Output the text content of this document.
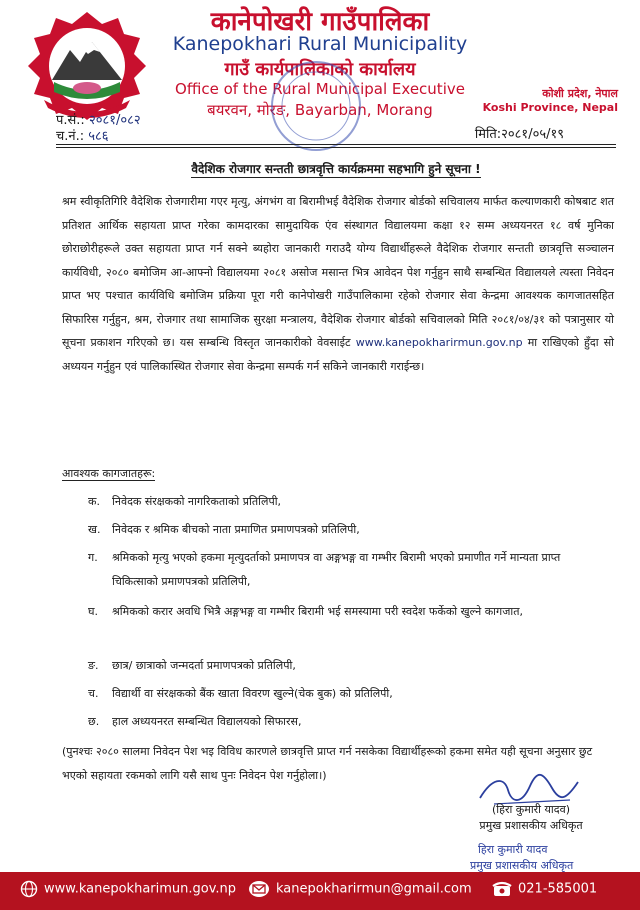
कानेपोखरी गाउँपालिका
Kanepokhari Rural Municipality
गाउँ कार्यपालिकाको कार्यालय
Office of the Rural Municipal Executive
बयरवन, मोरङ, Bayarban, Morang
कोशी प्रदेश, नेपाल
Koshi Province, Nepal
प.सं.: २०८१/०८२
च.नं.: ५८६	मिति:२०८१/०५/१९
वैदेशिक रोजगार सन्तती छात्रवृत्ति कार्यक्रममा सहभागि हुने सूचना !
श्रम स्वीकृतिगिरि वैदेशिक रोजगारीमा गएर मृत्यु, अंगभंग वा बिरामीभई वैदेशिक रोजगार बोर्डको सचिवालय मार्फत कल्याणकारी कोषबाट शत प्रतिशत आर्थिक सहायता प्राप्त गरेका कामदारका सामुदायिक एंव संस्थागत विद्यालयमा कक्षा १२ सम्म अध्ययनरत १८ वर्ष मुनिका छोराछोरीहरूले उक्त सहायता प्राप्त गर्न सक्ने ब्यहोरा जानकारी गराउदै योग्य विद्यार्थीहरूले वैदेशिक रोजगार सन्तती छात्रवृत्ति सञ्चालन कार्यविधी, २०८० बमोजिम आ-आफ्नो विद्यालयमा २०८१ असोज मसान्त भित्र आवेदन पेश गर्नुहुन साथै सम्बन्धित विद्यालयले त्यस्ता निवेदन प्राप्त भए पश्चात कार्यविधि बमोजिम प्रक्रिया पूरा गरी कानेपोखरी गाउँपालिकामा रहेको रोजगार सेवा केन्द्रमा आवश्यक कागजातसहित सिफारिस गर्नुहुन, श्रम, रोजगार तथा सामाजिक सुरक्षा मन्त्रालय, वैदेशिक रोजगार बोर्डको सचिवालको मिति २०८१/०४/३१ को पत्रानुसार यो सूचना प्रकाशन गरिएको छ। यस सम्बन्धि विस्तृत जानकारीको वेवसाईट www.kanepokharirmun.gov.np मा राखिएको हुँदा सो अध्ययन गर्नुहुन एवं पालिकास्थित रोजगार सेवा केन्द्रमा सम्पर्क गर्न सकिने जानकारी गराईन्छ।
आवश्यक कागजातहरू:
क. निवेदक संरक्षकको नागरिकताको प्रतिलिपी,
ख. निवेदक र श्रमिक बीचको नाता प्रमाणित प्रमाणपत्रको प्रतिलिपी,
ग. श्रमिकको मृत्यु भएको हकमा मृत्युदर्ताको प्रमाणपत्र वा अङ्गभङ्ग वा गम्भीर बिरामी भएको प्रमाणीत गर्ने मान्यता प्राप्त चिकित्साको प्रमाणपत्रको प्रतिलिपी,
घ. श्रमिकको करार अवधि भित्रै अङ्गभङ्ग वा गम्भीर बिरामी भई समस्यामा परी स्वदेश फर्केको खुल्ने कागजात,
ङ. छात्र/ छात्राको जन्मदर्ता प्रमाणपत्रको प्रतिलिपी,
च. विद्यार्थी वा संरक्षकको बैंक खाता विवरण खुल्ने(चेक बुक) को प्रतिलिपी,
छ. हाल अध्ययनरत सम्बन्धित विद्यालयको सिफारस,
(पुनश्चः २०८० सालमा निवेदन पेश भइ विविध कारणले छात्रवृत्ति प्राप्त गर्न नसकेका विद्यार्थीहरूको हकमा समेत यही सूचना अनुसार छुट भएको सहायता रकमको लागि यसै साथ पुनः निवेदन पेश गर्नुहोला।)
(हिरा कुमारी यादव)
प्रमुख प्रशासकीय अधिकृत
हिरा कुमारी यादव
प्रमुख प्रशासकीय अधिकृत
www.kanepokharimun.gov.np	kanepokharirmun@gmail.com	021-585001
